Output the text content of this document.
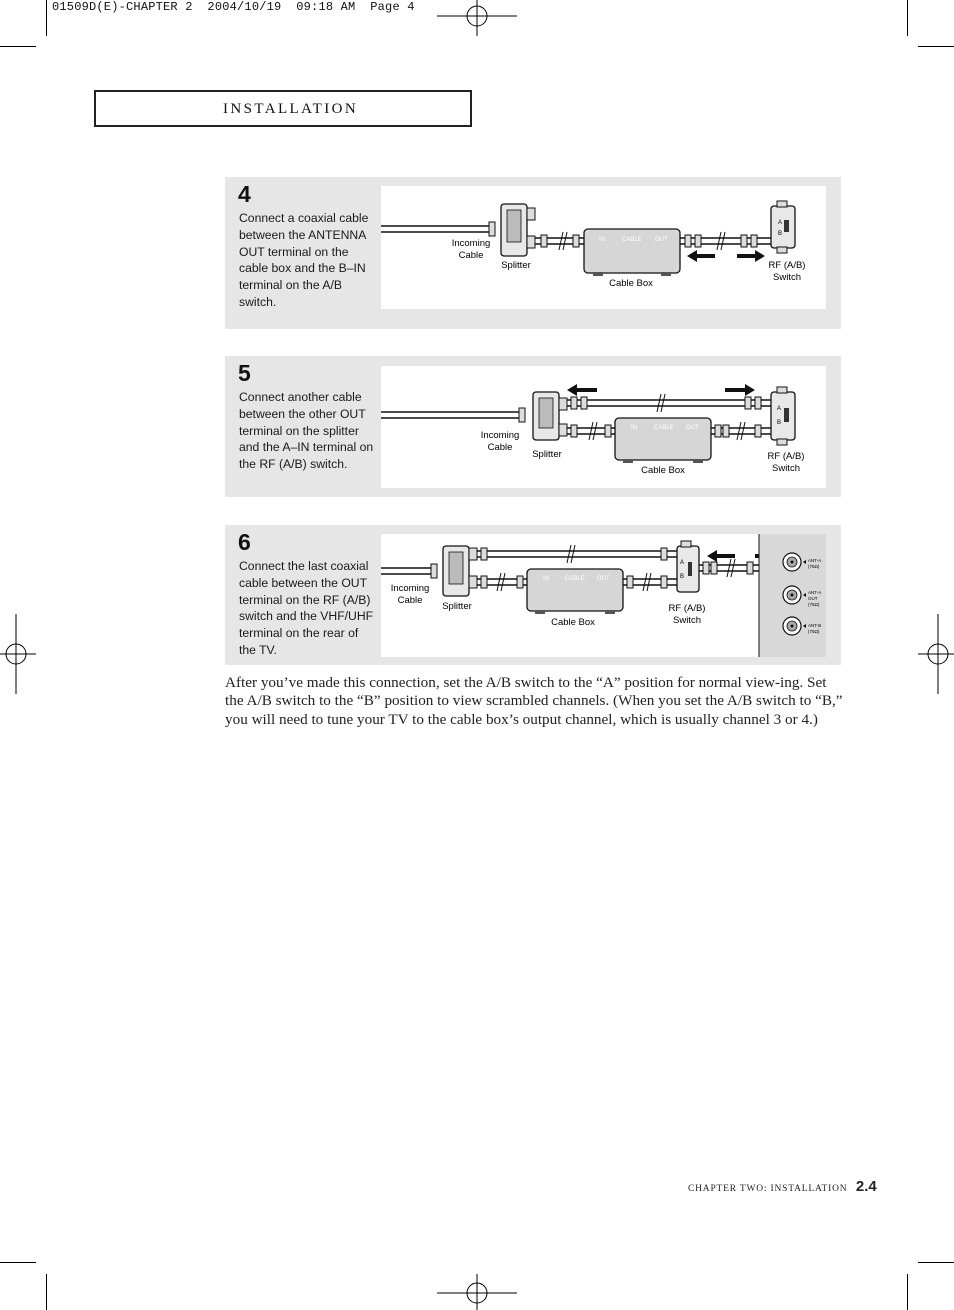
01509D(E)-CHAPTER 2  2004/10/19  09:18 AM  Page 4
INSTALLATION
4
Connect a coaxial cable between the ANTENNA OUT terminal on the cable box and the B–IN terminal on the A/B switch.
A
B
IN	CABLE OUT
Incoming
Cable
Splitter
Cable Box
RF (A/B)
Switch
5
Connect another cable between the other OUT terminal on the splitter and the A–IN terminal on the RF (A/B) switch.
A
B
IN	CABLE OUT
Incoming
Cable
Splitter
Cable Box
RF (A/B)
Switch
6
Connect the last coaxial cable between the OUT terminal on the RF (A/B) switch and the VHF/UHF terminal on the rear of the TV.
A
B
ANT-A
(75Ω)
ANT-A
OUT
(75Ω)
ANT-B
(75Ω)
IN	CABLE OUT
Incoming
Cable
Splitter
Cable Box
RF (A/B)
Switch
After you’ve made this connection, set the A/B switch to the “A” position for normal view-ing. Set the A/B switch to the “B” position to view scrambled channels. (When you set the A/B switch to “B,” you will need to tune your TV to the cable box’s output channel, which is usually channel 3 or 4.)
CHAPTER TWO: INSTALLATION 2.4
